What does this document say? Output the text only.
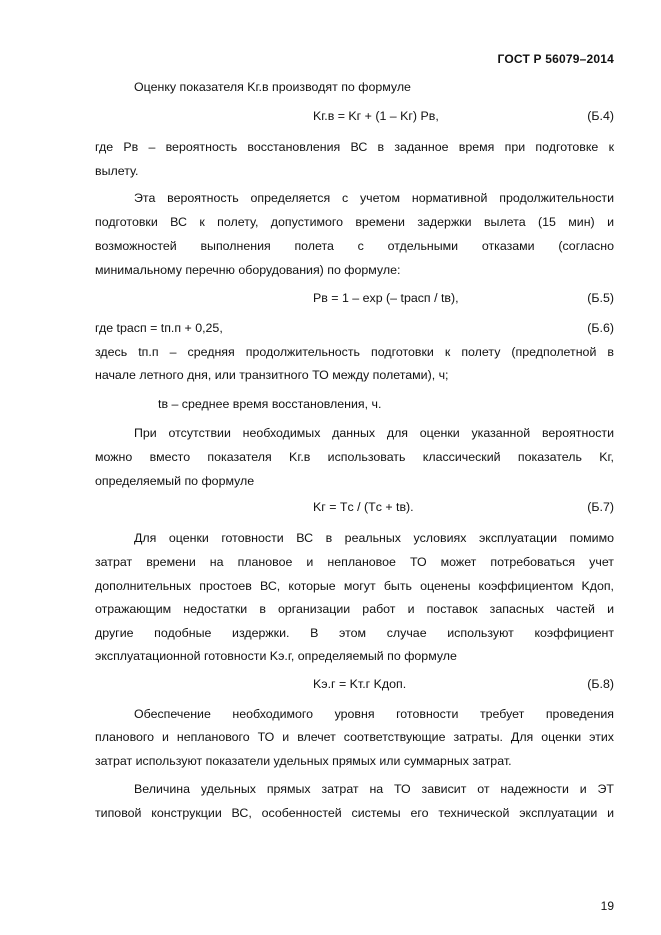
ГОСТ Р 56079–2014
Оценку показателя Kг.в производят по формуле
Kг.в = Kг + (1 – Kг) Pв,	(Б.4)
где Pв – вероятность восстановления ВС в заданное время при подготовке к
вылету.
Эта вероятность определяется с учетом нормативной продолжительности
подготовки ВС к полету, допустимого времени задержки вылета (15 мин) и
возможностей выполнения полета с отдельными отказами (согласно
минимальному перечню оборудования) по формуле:
Pв = 1 – exp (– tрасп / tв),	(Б.5)
где tрасп = tп.п + 0,25,	(Б.6)
здесь tп.п – средняя продолжительность подготовки к полету (предполетной в
начале летного дня, или транзитного ТО между полетами), ч;
tв – среднее время восстановления, ч.
При отсутствии необходимых данных для оценки указанной вероятности
можно вместо показателя Kг.в использовать классический показатель Kг,
определяемый по формуле
Kг = Tс / (Tс + tв).	(Б.7)
Для оценки готовности ВС в реальных условиях эксплуатации помимо
затрат времени на плановое и неплановое ТО может потребоваться учет
дополнительных простоев ВС, которые могут быть оценены коэффициентом Kдоп,
отражающим недостатки в организации работ и поставок запасных частей и
другие подобные издержки. В этом случае используют коэффициент
эксплуатационной готовности Kэ.г, определяемый по формуле
Kэ.г = Kт.г Kдоп.	(Б.8)
Обеспечение необходимого уровня готовности требует проведения
планового и непланового ТО и влечет соответствующие затраты. Для оценки этих
затрат используют показатели удельных прямых или суммарных затрат.
Величина удельных прямых затрат на ТО зависит от надежности и ЭТ
типовой конструкции ВС, особенностей системы его технической эксплуатации и
19
